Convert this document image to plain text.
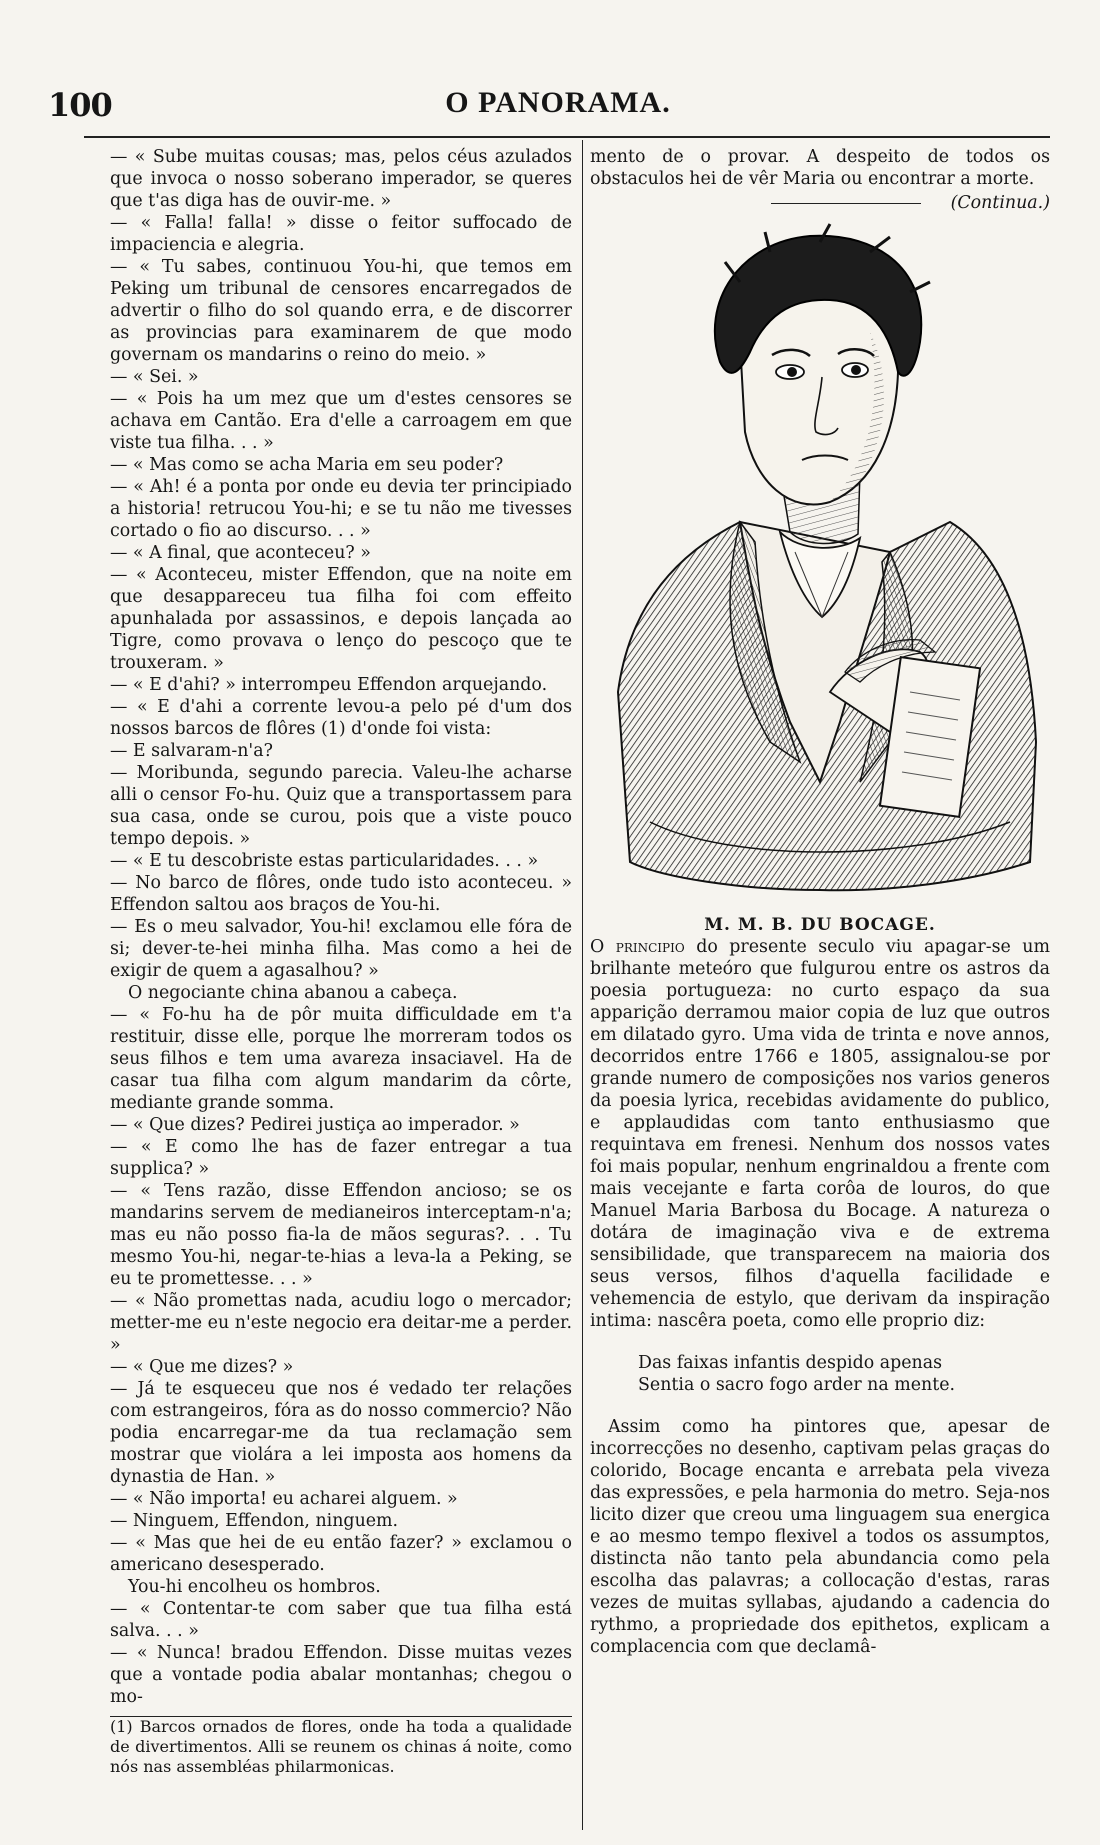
100	O PANORAMA.

— « Sube muitas cousas; mas, pelos céus azulados que invoca o nosso soberano imperador, se queres que t'as diga has de ouvir-me. »

— « Falla! falla! » disse o feitor suffocado de impaciencia e alegria.

— « Tu sabes, continuou You-hi, que temos em Peking um tribunal de censores encarregados de advertir o filho do sol quando erra, e de discorrer as provincias para examinarem de que modo governam os mandarins o reino do meio. »

— « Sei. »

— « Pois ha um mez que um d'estes censores se achava em Cantão. Era d'elle a carroagem em que viste tua filha. . . »

— « Mas como se acha Maria em seu poder?

— « Ah! é a ponta por onde eu devia ter principiado a historia! retrucou You-hi; e se tu não me tivesses cortado o fio ao discurso. . . »

— « A final, que aconteceu? »

— « Aconteceu, mister Effendon, que na noite em que desappareceu tua filha foi com effeito apunhalada por assassinos, e depois lançada ao Tigre, como provava o lenço do pescoço que te trouxeram. »

— « E d'ahi? » interrompeu Effendon arquejando.

— « E d'ahi a corrente levou-a pelo pé d'um dos nossos barcos de flôres (1) d'onde foi vista:

— E salvaram-n'a?

— Moribunda, segundo parecia. Valeu-lhe acharse alli o censor Fo-hu. Quiz que a transportassem para sua casa, onde se curou, pois que a viste pouco tempo depois. »

— « E tu descobriste estas particularidades. . . »

— No barco de flôres, onde tudo isto aconteceu. » Effendon saltou aos braços de You-hi.

— Es o meu salvador, You-hi! exclamou elle fóra de si; dever-te-hei minha filha. Mas como a hei de exigir de quem a agasalhou? »

O negociante china abanou a cabeça.

— « Fo-hu ha de pôr muita difficuldade em t'a restituir, disse elle, porque lhe morreram todos os seus filhos e tem uma avareza insaciavel. Ha de casar tua filha com algum mandarim da côrte, mediante grande somma.

— « Que dizes? Pedirei justiça ao imperador. »

— « E como lhe has de fazer entregar a tua supplica? »

— « Tens razão, disse Effendon ancioso; se os mandarins servem de medianeiros interceptam-n'a; mas eu não posso fia-la de mãos seguras?. . . Tu mesmo You-hi, negar-te-hias a leva-la a Peking, se eu te promettesse. . . »

— « Não promettas nada, acudiu logo o mercador; metter-me eu n'este negocio era deitar-me a perder. »

— « Que me dizes? »

— Já te esqueceu que nos é vedado ter relações com estrangeiros, fóra as do nosso commercio? Não podia encarregar-me da tua reclamação sem mostrar que violára a lei imposta aos homens da dynastia de Han. »

— « Não importa! eu acharei alguem. »

— Ninguem, Effendon, ninguem.

— « Mas que hei de eu então fazer? » exclamou o americano desesperado.

You-hi encolheu os hombros.

— « Contentar-te com saber que tua filha está salva. . . »

— « Nunca! bradou Effendon. Disse muitas vezes que a vontade podia abalar montanhas; chegou o mo-

(1) Barcos ornados de flores, onde ha toda a qualidade de divertimentos. Alli se reunem os chinas á noite, como nós nas assembléas philarmonicas.

mento de o provar. A despeito de todos os obstaculos hei de vêr Maria ou encontrar a morte.

(Continua.)

M. M. B. DU BOCAGE.

O principio do presente seculo viu apagar-se um brilhante meteóro que fulgurou entre os astros da poesia portugueza: no curto espaço da sua apparição derramou maior copia de luz que outros em dilatado gyro. Uma vida de trinta e nove annos, decorridos entre 1766 e 1805, assignalou-se por grande numero de composições nos varios generos da poesia lyrica, recebidas avidamente do publico, e applaudidas com tanto enthusiasmo que requintava em frenesi. Nenhum dos nossos vates foi mais popular, nenhum engrinaldou a frente com mais vecejante e farta corôa de louros, do que Manuel Maria Barbosa du Bocage. A natureza o dotára de imaginação viva e de extrema sensibilidade, que transparecem na maioria dos seus versos, filhos d'aquella facilidade e vehemencia de estylo, que derivam da inspiração intima: nascêra poeta, como elle proprio diz:

Das faixas infantis despido apenas
Sentia o sacro fogo arder na mente.

Assim como ha pintores que, apesar de incorrecções no desenho, captivam pelas graças do colorido, Bocage encanta e arrebata pela viveza das expressões, e pela harmonia do metro. Seja-nos licito dizer que creou uma linguagem sua energica e ao mesmo tempo flexivel a todos os assumptos, distincta não tanto pela abundancia como pela escolha das palavras; a collocação d'estas, raras vezes de muitas syllabas, ajudando a cadencia do rythmo, a propriedade dos epithetos, explicam a complacencia com que declamâ-
